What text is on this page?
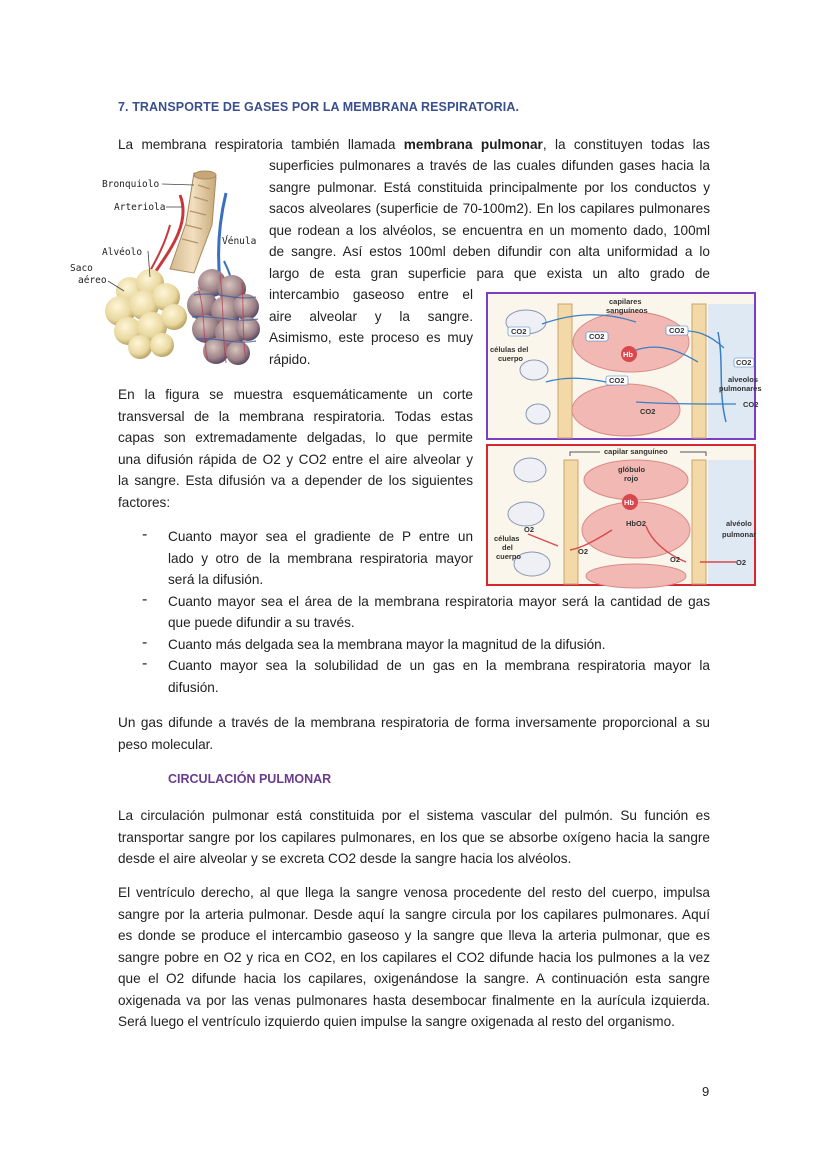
7. TRANSPORTE DE GASES POR LA MEMBRANA RESPIRATORIA.
La membrana respiratoria también llamada membrana pulmonar, la constituyen todas las
superficies pulmonares a través de las cuales difunden gases hacia la
sangre pulmonar. Está constituida principalmente por los conductos y
sacos alveolares (superficie de 70-100m2). En los capilares pulmonares
que rodean a los alvéolos, se encuentra en un momento dado, 100ml
de sangre. Así estos 100ml deben difundir con alta uniformidad a lo
largo de esta gran superficie para que exista un alto grado de
intercambio gaseoso entre el
aire alveolar y la sangre.
Asimismo, este proceso es muy
rápido.
Bronquiolo
Arteriola
Vénula
Alvéolo
Saco
aéreo
En la figura se muestra esquemáticamente un corte
transversal de la membrana respiratoria. Todas estas
capas son extremadamente delgadas, lo que permite
una difusión rápida de O2 y CO2 entre el aire alveolar y
la sangre. Esta difusión va a depender de los siguientes
factores:
- Cuanto mayor sea el gradiente de P entre un
lado y otro de la membrana respiratoria mayor
será la difusión.
- Cuanto mayor sea el área de la membrana respiratoria mayor será la cantidad de gas
que puede difundir a su través.
- Cuanto más delgada sea la membrana mayor la magnitud de la difusión.
- Cuanto mayor sea la solubilidad de un gas en la membrana respiratoria mayor la
difusión.
Hb
CO2
CO2
CO2
CO2
CO2
CO2
CO2
capilares
sanguíneos
células del
cuerpo
alveolos
pulmonares
capilar sanguíneo
Hb
glóbulo
rojo
HbO2
O2
O2
O2	O2
células
del
cuerpo
alvéolo
pulmonar
Un gas difunde a través de la membrana respiratoria de forma inversamente proporcional a su
peso molecular.
CIRCULACIÓN PULMONAR
La circulación pulmonar está constituida por el sistema vascular del pulmón. Su función es
transportar sangre por los capilares pulmonares, en los que se absorbe oxígeno hacia la sangre
desde el aire alveolar y se excreta CO2 desde la sangre hacia los alvéolos.
El ventrículo derecho, al que llega la sangre venosa procedente del resto del cuerpo, impulsa
sangre por la arteria pulmonar. Desde aquí la sangre circula por los capilares pulmonares. Aquí
es donde se produce el intercambio gaseoso y la sangre que lleva la arteria pulmonar, que es
sangre pobre en O2 y rica en CO2, en los capilares el CO2 difunde hacia los pulmones a la vez
que el O2 difunde hacia los capilares, oxigenándose la sangre. A continuación esta sangre
oxigenada va por las venas pulmonares hasta desembocar finalmente en la aurícula izquierda.
Será luego el ventrículo izquierdo quien impulse la sangre oxigenada al resto del organismo.
9
